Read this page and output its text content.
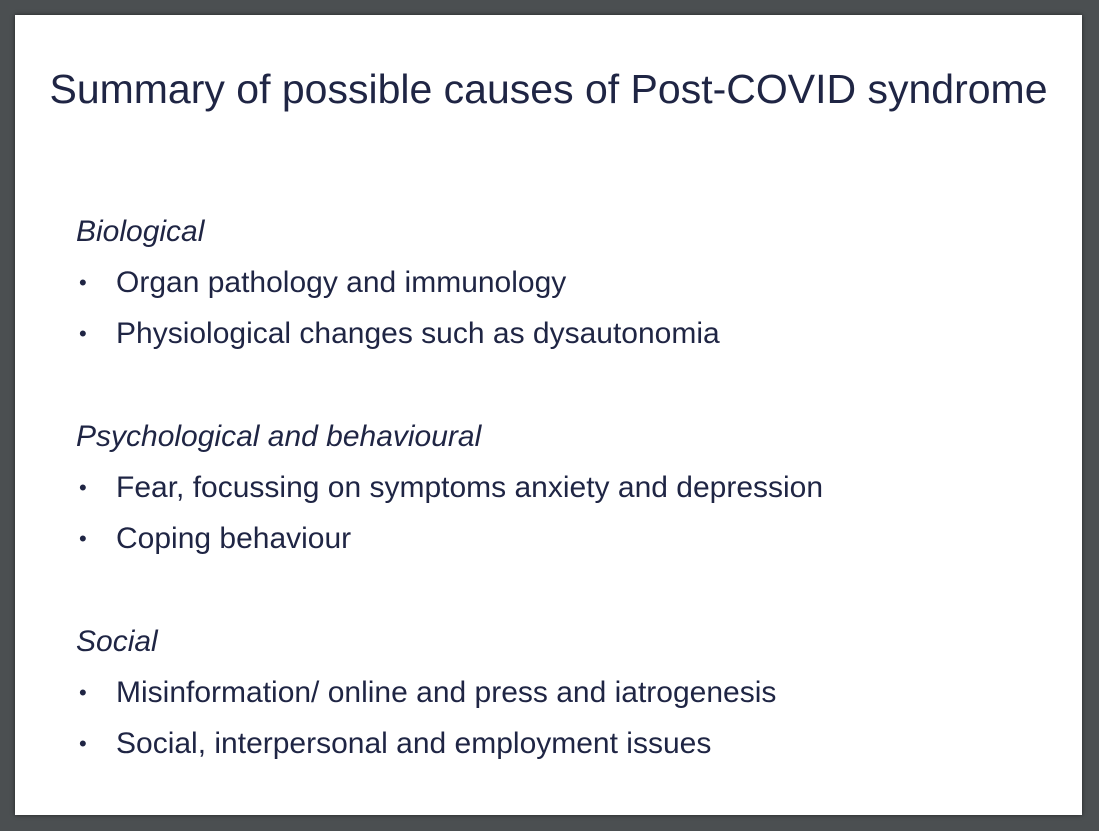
Summary of possible causes of Post-COVID syndrome

Biological

• Organ pathology and immunology
• Physiological changes such as dysautonomia

Psychological and behavioural

• Fear, focussing on symptoms anxiety and depression
• Coping behaviour

Social

• Misinformation/ online and press and iatrogenesis
• Social, interpersonal and employment issues
